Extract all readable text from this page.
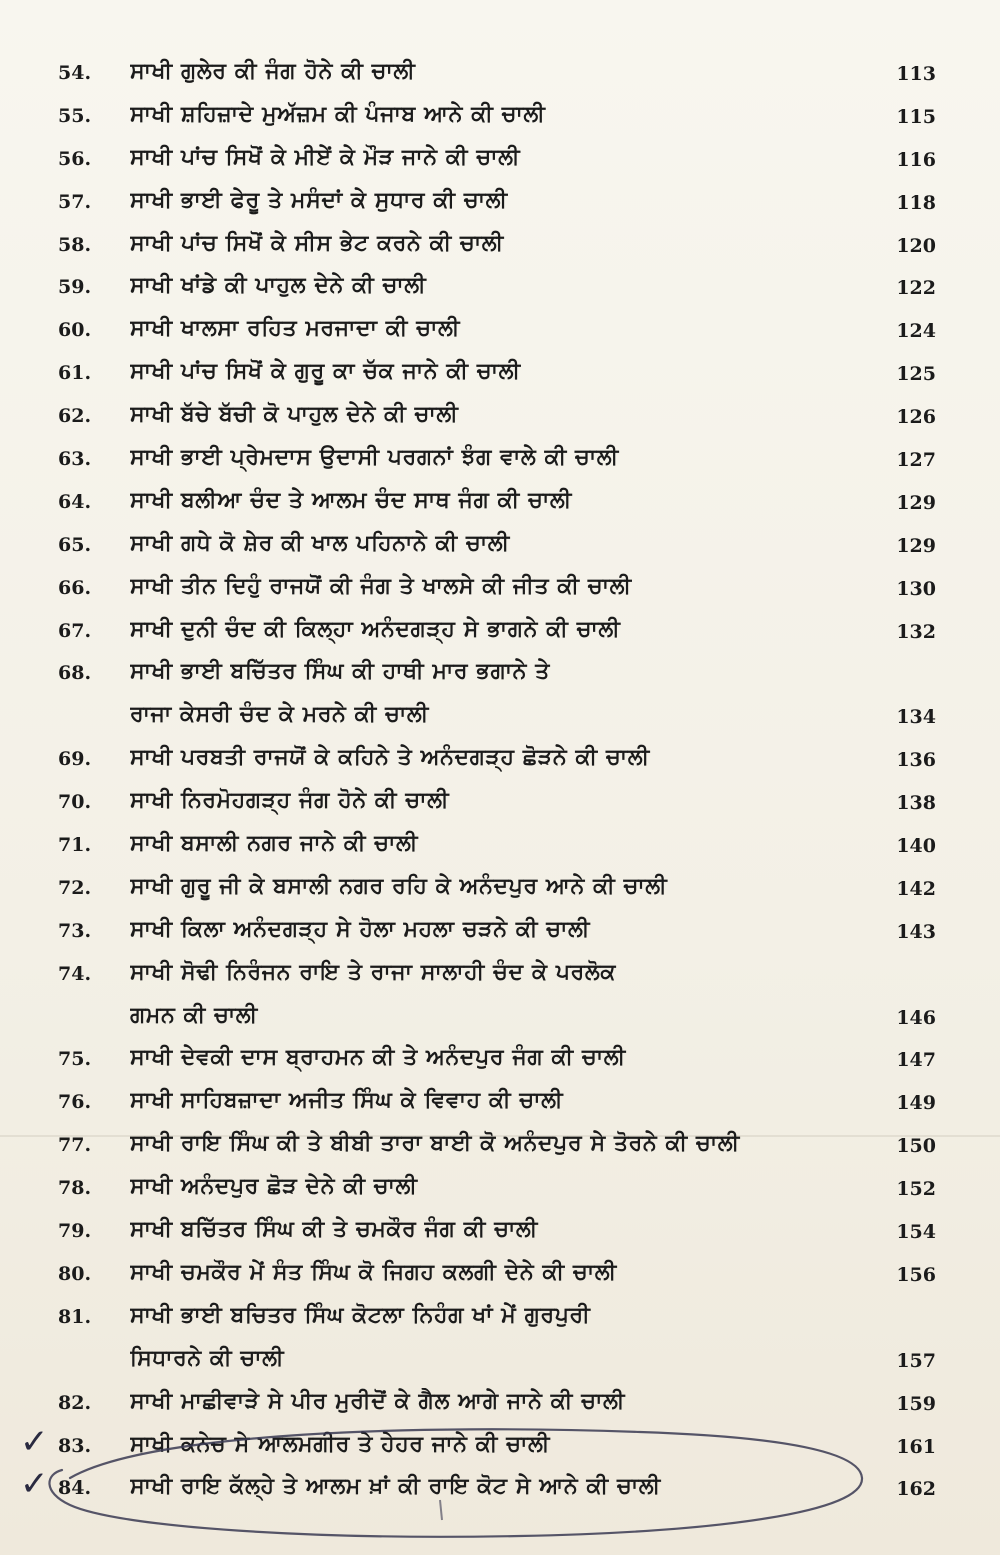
54.	ਸਾਖੀ ਗੁਲੇਰ ਕੀ ਜੰਗ ਹੋਨੇ ਕੀ ਚਾਲੀ	113
55.	ਸਾਖੀ ਸ਼ਹਿਜ਼ਾਦੇ ਮੁਅੱਜ਼ਮ ਕੀ ਪੰਜਾਬ ਆਨੇ ਕੀ ਚਾਲੀ	115
56.	ਸਾਖੀ ਪਾਂਚ ਸਿਖੋਂ ਕੇ ਮੀਏਂ ਕੇ ਮੌੜ ਜਾਨੇ ਕੀ ਚਾਲੀ	116
57.	ਸਾਖੀ ਭਾਈ ਫੇਰੂ ਤੇ ਮਸੰਦਾਂ ਕੇ ਸੁਧਾਰ ਕੀ ਚਾਲੀ	118
58.	ਸਾਖੀ ਪਾਂਚ ਸਿਖੋਂ ਕੇ ਸੀਸ ਭੇਟ ਕਰਨੇ ਕੀ ਚਾਲੀ	120
59.	ਸਾਖੀ ਖਾਂਡੇ ਕੀ ਪਾਹੁਲ ਦੇਨੇ ਕੀ ਚਾਲੀ	122
60.	ਸਾਖੀ ਖਾਲਸਾ ਰਹਿਤ ਮਰਜਾਦਾ ਕੀ ਚਾਲੀ	124
61.	ਸਾਖੀ ਪਾਂਚ ਸਿਖੋਂ ਕੇ ਗੁਰੂ ਕਾ ਚੱਕ ਜਾਨੇ ਕੀ ਚਾਲੀ	125
62.	ਸਾਖੀ ਬੱਚੇ ਬੱਚੀ ਕੋ ਪਾਹੁਲ ਦੇਨੇ ਕੀ ਚਾਲੀ	126
63.	ਸਾਖੀ ਭਾਈ ਪ੍ਰੇਮਦਾਸ ਉਦਾਸੀ ਪਰਗਨਾਂ ਝੰਗ ਵਾਲੇ ਕੀ ਚਾਲੀ	127
64.	ਸਾਖੀ ਬਲੀਆ ਚੰਦ ਤੇ ਆਲਮ ਚੰਦ ਸਾਥ ਜੰਗ ਕੀ ਚਾਲੀ	129
65.	ਸਾਖੀ ਗਧੇ ਕੋ ਸ਼ੇਰ ਕੀ ਖਾਲ ਪਹਿਨਾਨੇ ਕੀ ਚਾਲੀ	129
66.	ਸਾਖੀ ਤੀਨ ਦਿਹੁੰ ਰਾਜਯੋਂ ਕੀ ਜੰਗ ਤੇ ਖਾਲਸੇ ਕੀ ਜੀਤ ਕੀ ਚਾਲੀ	130
67.	ਸਾਖੀ ਦੁਨੀ ਚੰਦ ਕੀ ਕਿਲ੍ਹਾ ਅਨੰਦਗੜ੍ਹ ਸੇ ਭਾਗਨੇ ਕੀ ਚਾਲੀ	132
68.	ਸਾਖੀ ਭਾਈ ਬਚਿੱਤਰ ਸਿੰਘ ਕੀ ਹਾਥੀ ਮਾਰ ਭਗਾਨੇ ਤੇ
ਰਾਜਾ ਕੇਸਰੀ ਚੰਦ ਕੇ ਮਰਨੇ ਕੀ ਚਾਲੀ	134
69.	ਸਾਖੀ ਪਰਬਤੀ ਰਾਜਯੋਂ ਕੇ ਕਹਿਨੇ ਤੇ ਅਨੰਦਗੜ੍ਹ ਛੋੜਨੇ ਕੀ ਚਾਲੀ	136
70.	ਸਾਖੀ ਨਿਰਮੋਹਗੜ੍ਹ ਜੰਗ ਹੋਨੇ ਕੀ ਚਾਲੀ	138
71.	ਸਾਖੀ ਬਸਾਲੀ ਨਗਰ ਜਾਨੇ ਕੀ ਚਾਲੀ	140
72.	ਸਾਖੀ ਗੁਰੂ ਜੀ ਕੇ ਬਸਾਲੀ ਨਗਰ ਰਹਿ ਕੇ ਅਨੰਦਪੁਰ ਆਨੇ ਕੀ ਚਾਲੀ	142
73.	ਸਾਖੀ ਕਿਲਾ ਅਨੰਦਗੜ੍ਹ ਸੇ ਹੋਲਾ ਮਹਲਾ ਚੜਨੇ ਕੀ ਚਾਲੀ	143
74.	ਸਾਖੀ ਸੋਢੀ ਨਿਰੰਜਨ ਰਾਇ ਤੇ ਰਾਜਾ ਸਾਲਾਹੀ ਚੰਦ ਕੇ ਪਰਲੋਕ
ਗਮਨ ਕੀ ਚਾਲੀ	146
75.	ਸਾਖੀ ਦੇਵਕੀ ਦਾਸ ਬ੍ਰਾਹਮਨ ਕੀ ਤੇ ਅਨੰਦਪੁਰ ਜੰਗ ਕੀ ਚਾਲੀ	147
76.	ਸਾਖੀ ਸਾਹਿਬਜ਼ਾਦਾ ਅਜੀਤ ਸਿੰਘ ਕੇ ਵਿਵਾਹ ਕੀ ਚਾਲੀ	149
77.	ਸਾਖੀ ਰਾਇ ਸਿੰਘ ਕੀ ਤੇ ਬੀਬੀ ਤਾਰਾ ਬਾਈ ਕੋ ਅਨੰਦਪੁਰ ਸੇ ਤੋਰਨੇ ਕੀ ਚਾਲੀ	150
78.	ਸਾਖੀ ਅਨੰਦਪੁਰ ਛੋੜ ਦੇਨੇ ਕੀ ਚਾਲੀ	152
79.	ਸਾਖੀ ਬਚਿੱਤਰ ਸਿੰਘ ਕੀ ਤੇ ਚਮਕੌਰ ਜੰਗ ਕੀ ਚਾਲੀ	154
80.	ਸਾਖੀ ਚਮਕੌਰ ਮੇਂ ਸੰਤ ਸਿੰਘ ਕੋ ਜਿਗਹ ਕਲਗੀ ਦੇਨੇ ਕੀ ਚਾਲੀ	156
81.	ਸਾਖੀ ਭਾਈ ਬਚਿਤਰ ਸਿੰਘ ਕੋਟਲਾ ਨਿਹੰਗ ਖਾਂ ਮੇਂ ਗੁਰਪੁਰੀ
ਸਿਧਾਰਨੇ ਕੀ ਚਾਲੀ	157
82.	ਸਾਖੀ ਮਾਛੀਵਾੜੇ ਸੇ ਪੀਰ ਮੁਰੀਦੋਂ ਕੇ ਗੈਲ ਆਗੇ ਜਾਨੇ ਕੀ ਚਾਲੀ	159
83.	ਸਾਖੀ ਕਨੇਚ ਸੇ ਆਲਮਗੀਰ ਤੇ ਹੇਹਰ ਜਾਨੇ ਕੀ ਚਾਲੀ	161
✓
84.	ਸਾਖੀ ਰਾਇ ਕੱਲ੍ਹੇ ਤੇ ਆਲਮ ਖ਼ਾਂ ਕੀ ਰਾਇ ਕੋਟ ਸੇ ਆਨੇ ਕੀ ਚਾਲੀ	162
✓
